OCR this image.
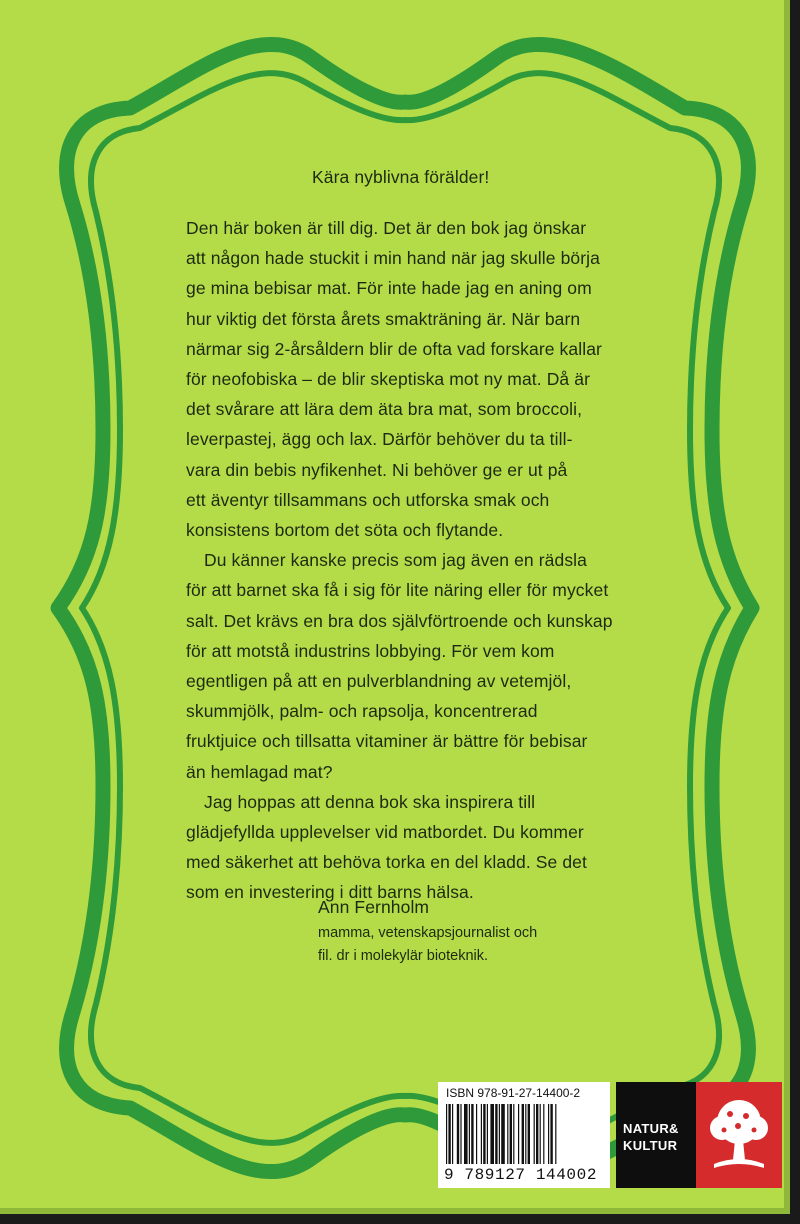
Kära nyblivna förälder!
Den här boken är till dig. Det är den bok jag önskar
att någon hade stuckit i min hand när jag skulle börja
ge mina bebisar mat. För inte hade jag en aning om
hur viktig det första årets smakträning är. När barn
närmar sig 2-årsåldern blir de ofta vad forskare kallar
för neofobiska – de blir skeptiska mot ny mat. Då är
det svårare att lära dem äta bra mat, som broccoli,
leverpastej, ägg och lax. Därför behöver du ta till-
vara din bebis nyfikenhet. Ni behöver ge er ut på
ett äventyr tillsammans och utforska smak och
konsistens bortom det söta och flytande.
Du känner kanske precis som jag även en rädsla
för att barnet ska få i sig för lite näring eller för mycket
salt. Det krävs en bra dos självförtroende och kunskap
för att motstå industrins lobbying. För vem kom
egentligen på att en pulverblandning av vetemjöl,
skummjölk, palm- och rapsolja, koncentrerad
fruktjuice och tillsatta vitaminer är bättre för bebisar
än hemlagad mat?
Jag hoppas att denna bok ska inspirera till
glädjefyllda upplevelser vid matbordet. Du kommer
med säkerhet att behöva torka en del kladd. Se det
som en investering i ditt barns hälsa.
Ann Fernholm
mamma, vetenskapsjournalist och
fil. dr i molekylär bioteknik.
ISBN 978-91-27-14400-2
9 789127 144002
NATUR&
KULTUR
